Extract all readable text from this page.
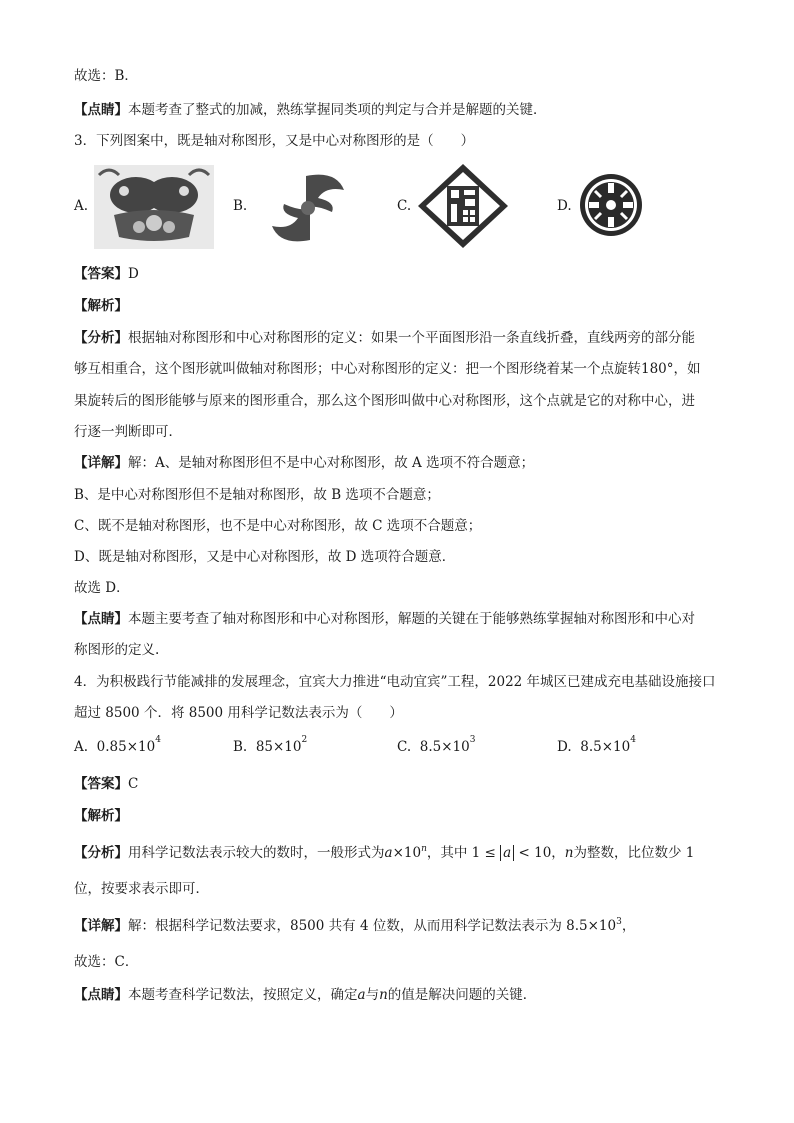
故选：B．
【点睛】本题考查了整式的加减，熟练掌握同类项的判定与合并是解题的关键．
3．下列图案中，既是轴对称图形，又是中心对称图形的是（　　）
A.	B.	C.	D.
【答案】D
【解析】
【分析】根据轴对称图形和中心对称图形的定义：如果一个平面图形沿一条直线折叠，直线两旁的部分能
够互相重合，这个图形就叫做轴对称图形；中心对称图形的定义：把一个图形绕着某一个点旋转180°，如
果旋转后的图形能够与原来的图形重合，那么这个图形叫做中心对称图形，这个点就是它的对称中心，进
行逐一判断即可．
【详解】解：A、是轴对称图形但不是中心对称图形，故 A 选项不符合题意；
B、是中心对称图形但不是轴对称图形，故 B 选项不合题意；
C、既不是轴对称图形，也不是中心对称图形，故 C 选项不合题意；
D、既是轴对称图形，又是中心对称图形，故 D 选项符合题意．
故选 D．
【点睛】本题主要考查了轴对称图形和中心对称图形，解题的关键在于能够熟练掌握轴对称图形和中心对
称图形的定义.
4．为积极践行节能减排的发展理念，宜宾大力推进“电动宜宾”工程，2022 年城区已建成充电基础设施接口
超过 8500 个．将 8500 用科学记数法表示为（　　）
A. $0.85\times 10^4$	B. $85\times 10^2$	C. $8.5\times 10^3$	D. $8.5\times 10^4$
【答案】C
【解析】
【分析】用科学记数法表示较大的数时，一般形式为$a\times 10^n$，其中 1 ≤ a < 10，n为整数，比位数少 1
位，按要求表示即可．
【详解】解：根据科学记数法要求，8500 共有 4 位数，从而用科学记数法表示为 $8.5\times 10^3$，
故选：C．
【点睛】本题考查科学记数法，按照定义，确定a与n的值是解决问题的关键．
